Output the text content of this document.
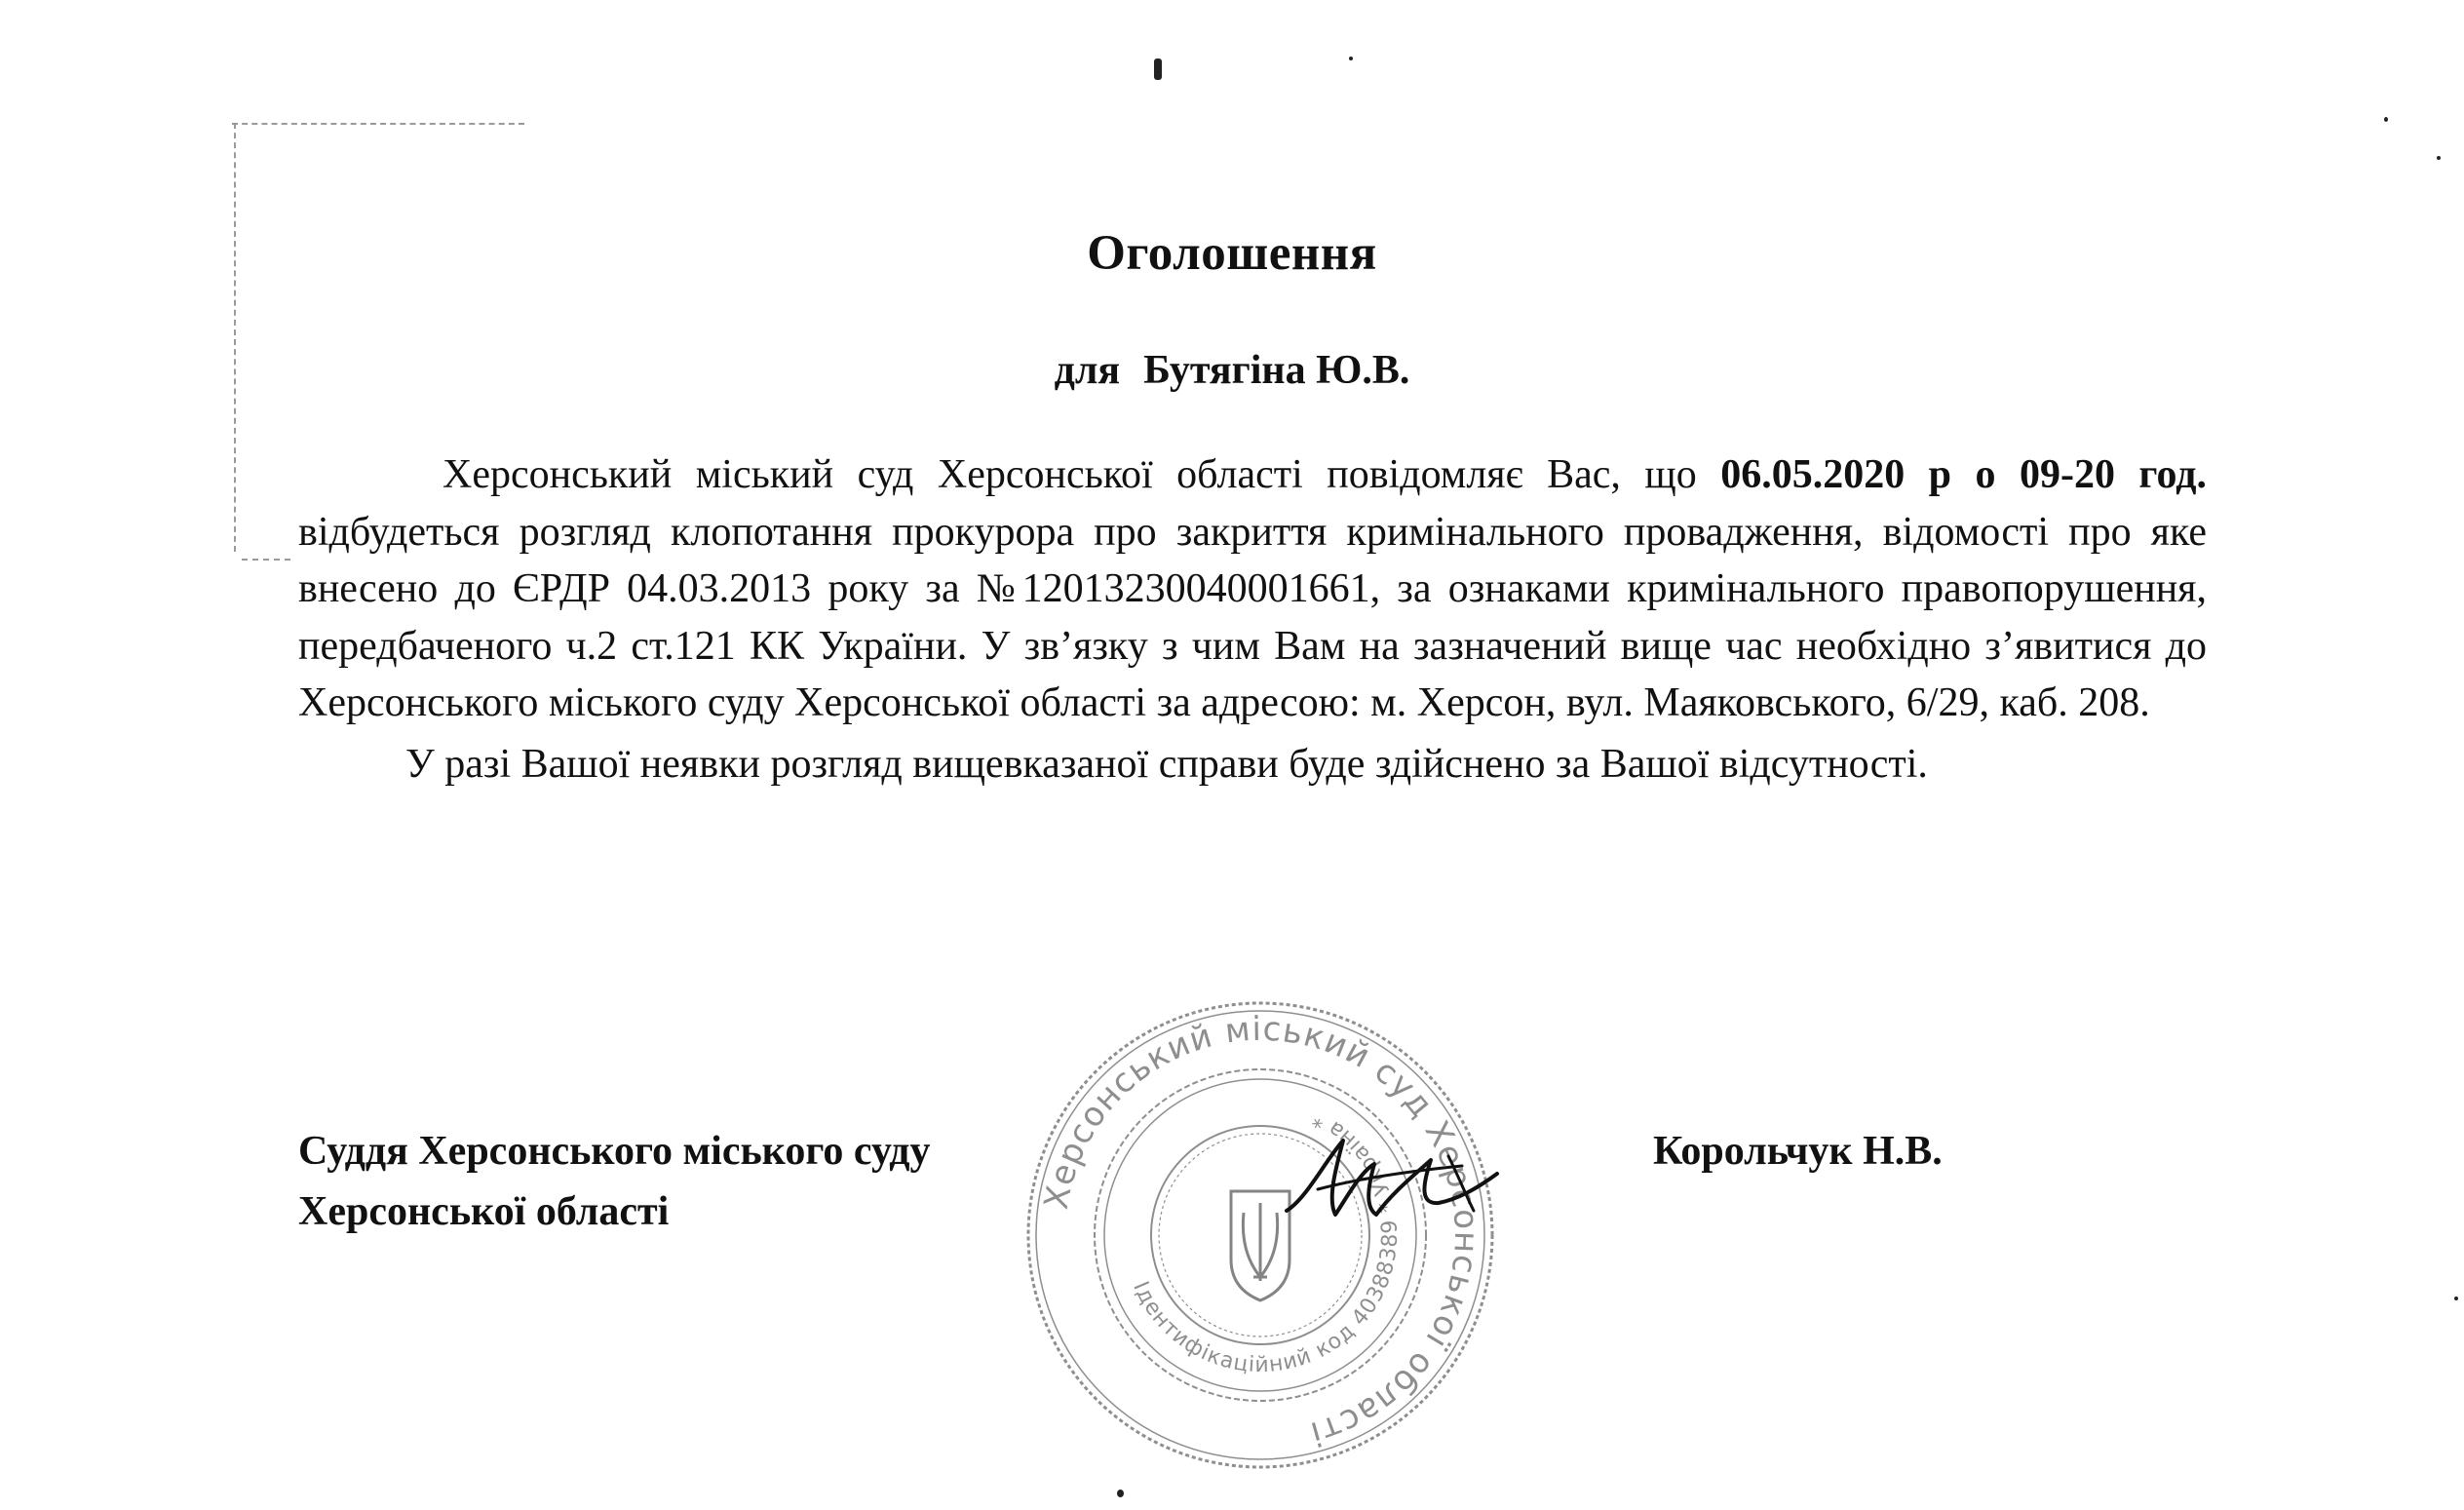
Оголошення
для Бутягіна Ю.В.

Херсонський міський суд Херсонської області повідомляє Вас, що 06.05.2020 р о 09-20 год. відбудеться розгляд клопотання прокурора про закриття кримінального провадження, відомості про яке внесено до ЄРДР 04.03.2013 року за №12013230040001661, за ознаками кримінального правопорушення, передбаченого ч.2 ст.121 КК України. У зв’язку з чим Вам на зазначений вище час необхідно з’явитися до Херсонського міського суду Херсонської області за адресою: м. Херсон, вул. Маяковського, 6/29, каб. 208.

У разі Вашої неявки розгляд вищевказаної справи буде здійснено за Вашої відсутності.

Суддя Херсонського міського суду
Херсонської області
Корольчук Н.В.
Херсонський міський суд Херсонської області
Ідентифікаційний код 40388389 * Україна *
